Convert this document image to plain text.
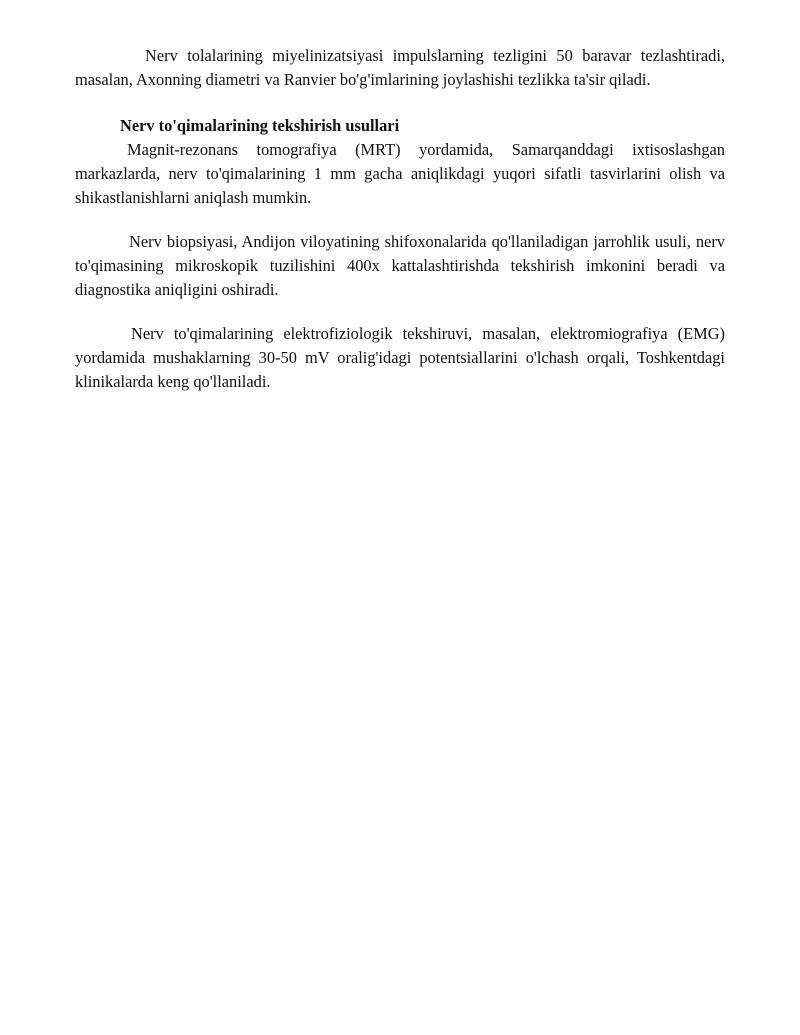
Nerv tolalarining miyelinizatsiyasi impulslarning tezligini 50 baravar tezlashtiradi, masalan, Axonning diametri va Ranvier bo'g'imlarining joylashishi tezlikka ta'sir qiladi.

Nerv to'qimalarining tekshirish usullari

Magnit-rezonans tomografiya (MRT) yordamida, Samarqanddagi ixtisoslashgan markazlarda, nerv to'qimalarining 1 mm gacha aniqlikdagi yuqori sifatli tasvirlarini olish va shikastlanishlarni aniqlash mumkin.

Nerv biopsiyasi, Andijon viloyatining shifoxonalarida qo'llaniladigan jarrohlik usuli, nerv to'qimasining mikroskopik tuzilishini 400x kattalashtirishda tekshirish imkonini beradi va diagnostika aniqligini oshiradi.

Nerv to'qimalarining elektrofiziologik tekshiruvi, masalan, elektromiografiya (EMG) yordamida mushaklarning 30-50 mV oralig'idagi potentsiallarini o'lchash orqali, Toshkentdagi klinikalarda keng qo'llaniladi.
